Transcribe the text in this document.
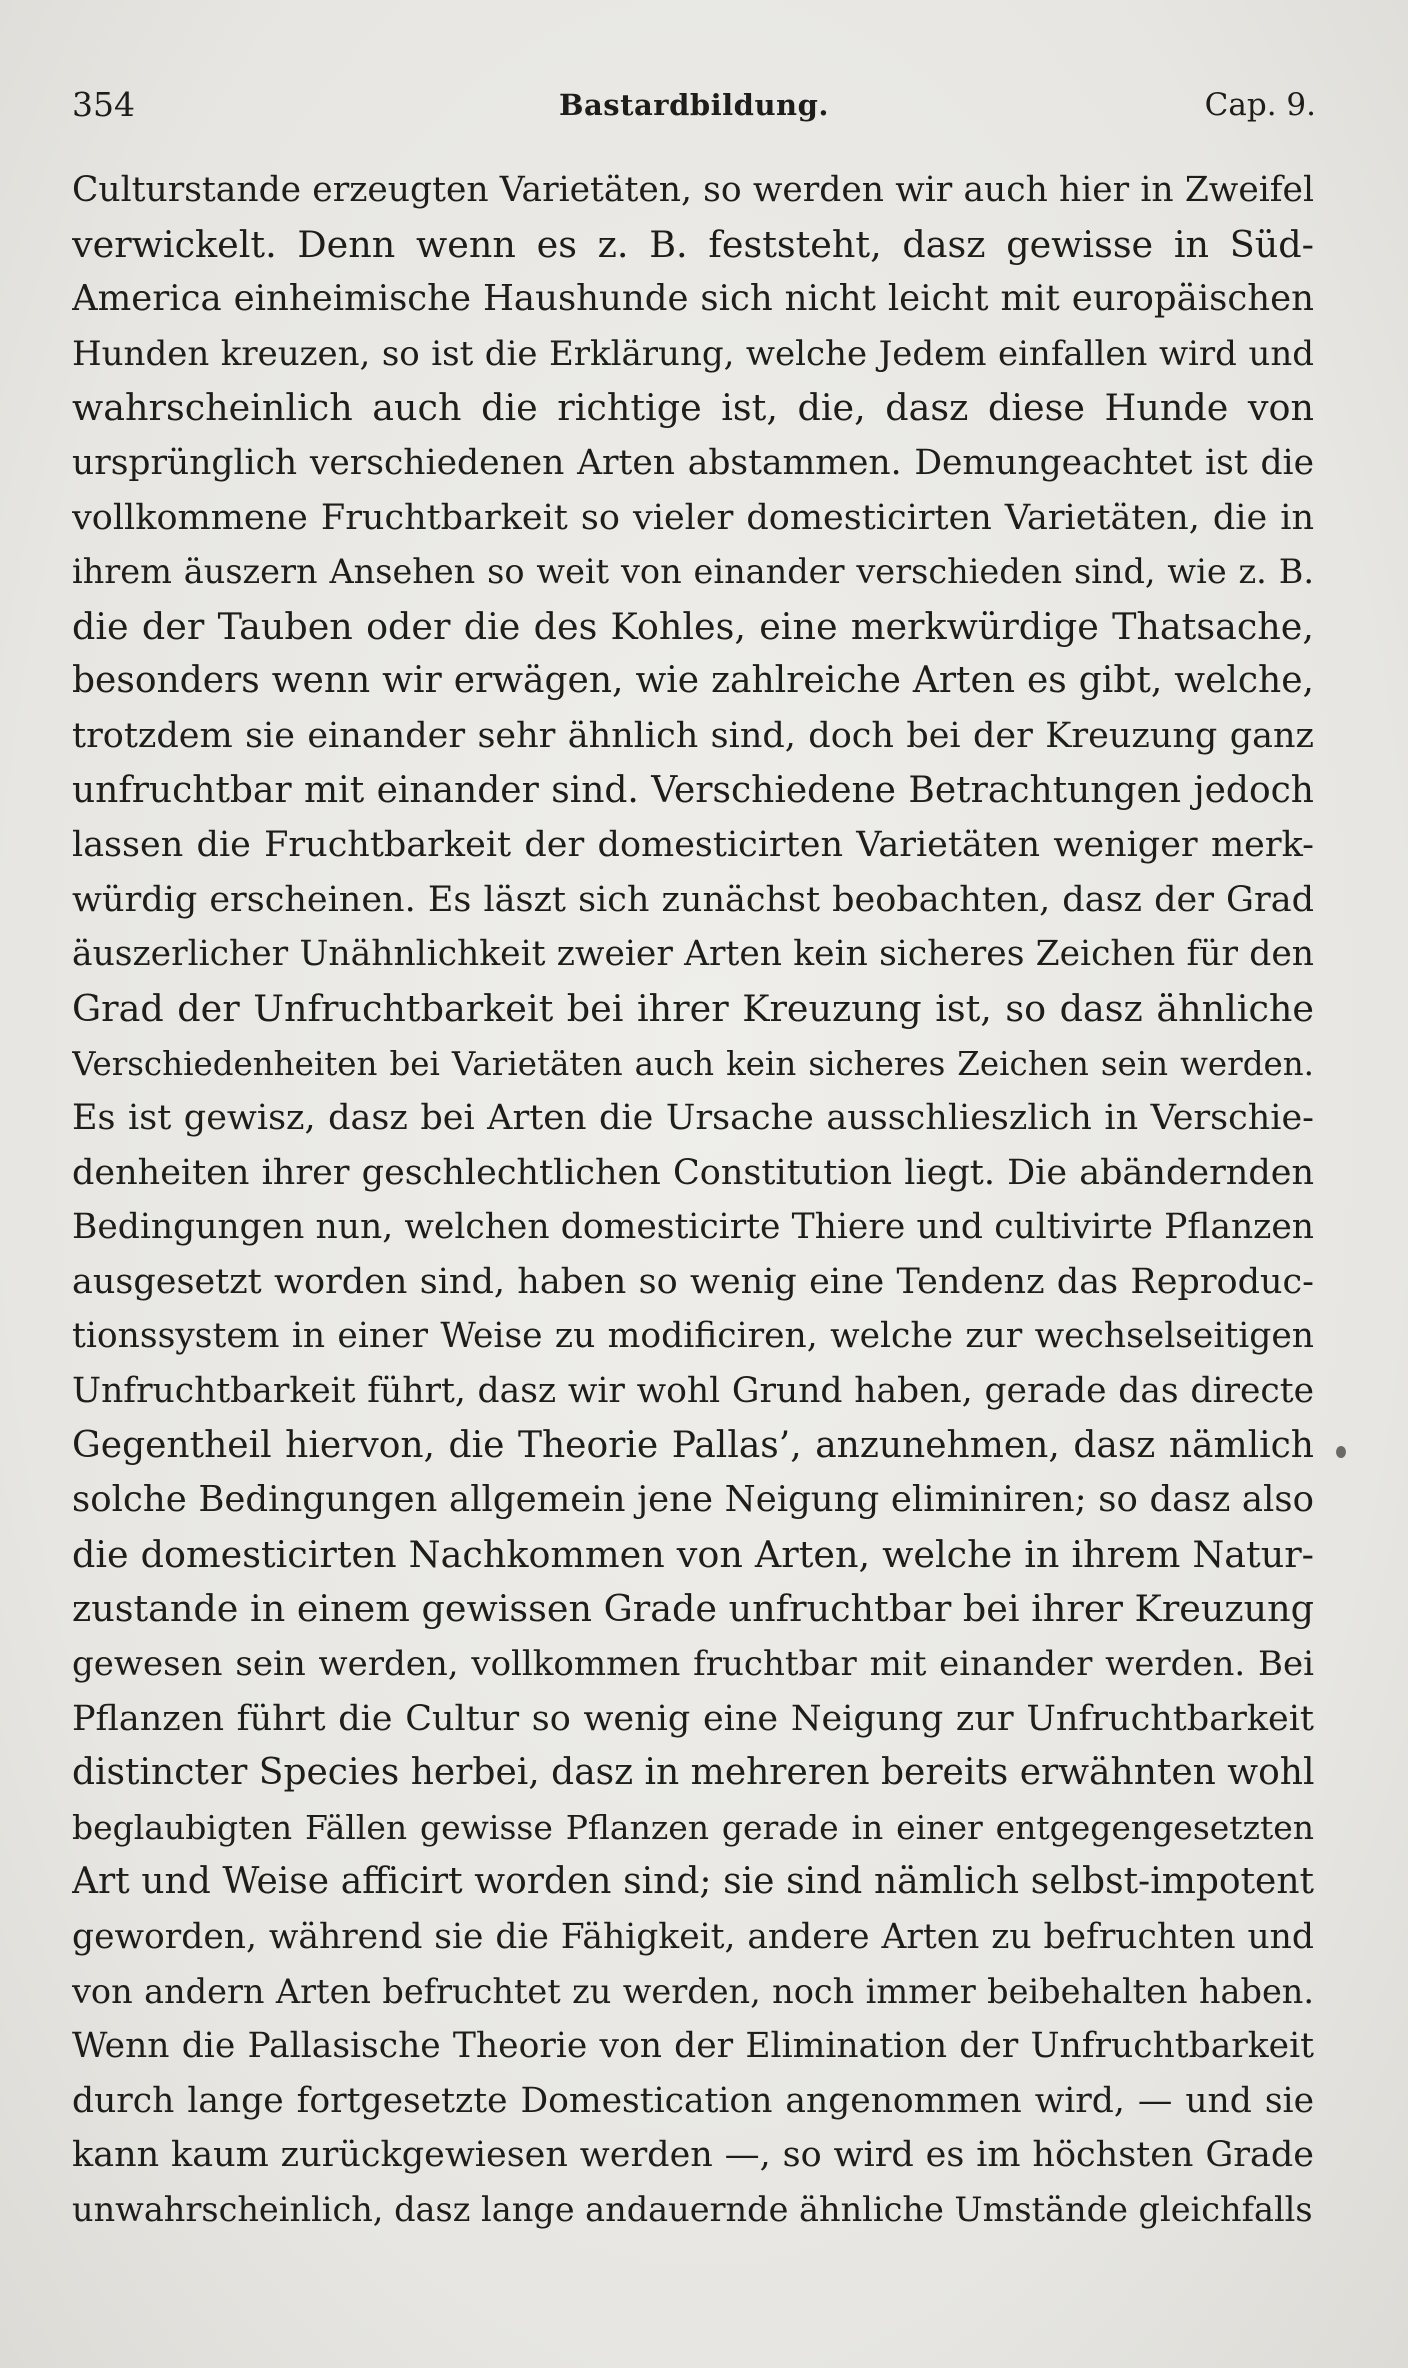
354	Bastardbildung.	Cap. 9.
Culturstande erzeugten Varietäten, so werden wir auch hier in Zweifel
verwickelt. Denn wenn es z. B. feststeht, dasz gewisse in Süd-
America einheimische Haushunde sich nicht leicht mit europäischen
Hunden kreuzen, so ist die Erklärung, welche Jedem einfallen wird und
wahrscheinlich auch die richtige ist, die, dasz diese Hunde von
ursprünglich verschiedenen Arten abstammen. Demungeachtet ist die
vollkommene Fruchtbarkeit so vieler domesticirten Varietäten, die in
ihrem äuszern Ansehen so weit von einander verschieden sind, wie z. B.
die der Tauben oder die des Kohles, eine merkwürdige Thatsache,
besonders wenn wir erwägen, wie zahlreiche Arten es gibt, welche,
trotzdem sie einander sehr ähnlich sind, doch bei der Kreuzung ganz
unfruchtbar mit einander sind. Verschiedene Betrachtungen jedoch
lassen die Fruchtbarkeit der domesticirten Varietäten weniger merk-
würdig erscheinen. Es läszt sich zunächst beobachten, dasz der Grad
äuszerlicher Unähnlichkeit zweier Arten kein sicheres Zeichen für den
Grad der Unfruchtbarkeit bei ihrer Kreuzung ist, so dasz ähnliche
Verschiedenheiten bei Varietäten auch kein sicheres Zeichen sein werden.
Es ist gewisz, dasz bei Arten die Ursache ausschlieszlich in Verschie-
denheiten ihrer geschlechtlichen Constitution liegt. Die abändernden
Bedingungen nun, welchen domesticirte Thiere und cultivirte Pflanzen
ausgesetzt worden sind, haben so wenig eine Tendenz das Reproduc-
tionssystem in einer Weise zu modificiren, welche zur wechselseitigen
Unfruchtbarkeit führt, dasz wir wohl Grund haben, gerade das directe
Gegentheil hiervon, die Theorie Pallas’, anzunehmen, dasz nämlich
solche Bedingungen allgemein jene Neigung eliminiren; so dasz also
die domesticirten Nachkommen von Arten, welche in ihrem Natur-
zustande in einem gewissen Grade unfruchtbar bei ihrer Kreuzung
gewesen sein werden, vollkommen fruchtbar mit einander werden. Bei
Pflanzen führt die Cultur so wenig eine Neigung zur Unfruchtbarkeit
distincter Species herbei, dasz in mehreren bereits erwähnten wohl
beglaubigten Fällen gewisse Pflanzen gerade in einer entgegengesetzten
Art und Weise afficirt worden sind; sie sind nämlich selbst-impotent
geworden, während sie die Fähigkeit, andere Arten zu befruchten und
von andern Arten befruchtet zu werden, noch immer beibehalten haben.
Wenn die Pallasische Theorie von der Elimination der Unfruchtbarkeit
durch lange fortgesetzte Domestication angenommen wird, — und sie
kann kaum zurückgewiesen werden —, so wird es im höchsten Grade
unwahrscheinlich, dasz lange andauernde ähnliche Umstände gleichfalls
